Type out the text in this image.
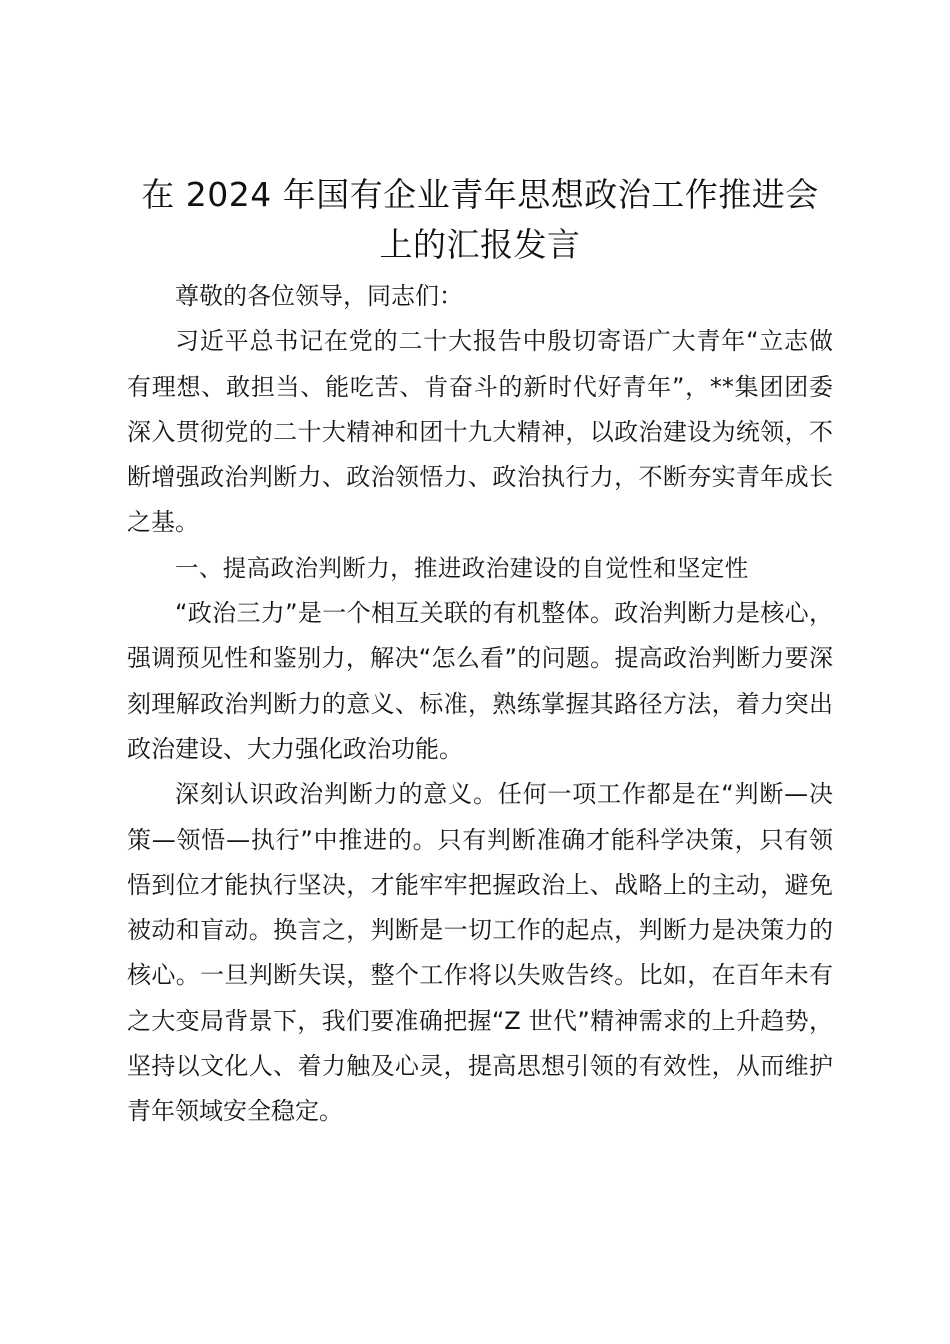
在 2024 年国有企业青年思想政治工作推进会上的汇报发言

尊敬的各位领导，同志们：

习近平总书记在党的二十大报告中殷切寄语广大青年“立志做有理想、敢担当、能吃苦、肯奋斗的新时代好青年”，**集团团委深入贯彻党的二十大精神和团十九大精神，以政治建设为统领，不断增强政治判断力、政治领悟力、政治执行力，不断夯实青年成长之基。

一、提高政治判断力，推进政治建设的自觉性和坚定性

“政治三力”是一个相互关联的有机整体。政治判断力是核心，强调预见性和鉴别力，解决“怎么看”的问题。提高政治判断力要深刻理解政治判断力的意义、标准，熟练掌握其路径方法，着力突出政治建设、大力强化政治功能。

深刻认识政治判断力的意义。任何一项工作都是在“判断—决策—领悟—执行”中推进的。只有判断准确才能科学决策，只有领悟到位才能执行坚决，才能牢牢把握政治上、战略上的主动，避免被动和盲动。换言之，判断是一切工作的起点，判断力是决策力的核心。一旦判断失误，整个工作将以失败告终。比如，在百年未有之大变局背景下，我们要准确把握“Z 世代”精神需求的上升趋势，坚持以文化人、着力触及心灵，提高思想引领的有效性，从而维护青年领域安全稳定。
